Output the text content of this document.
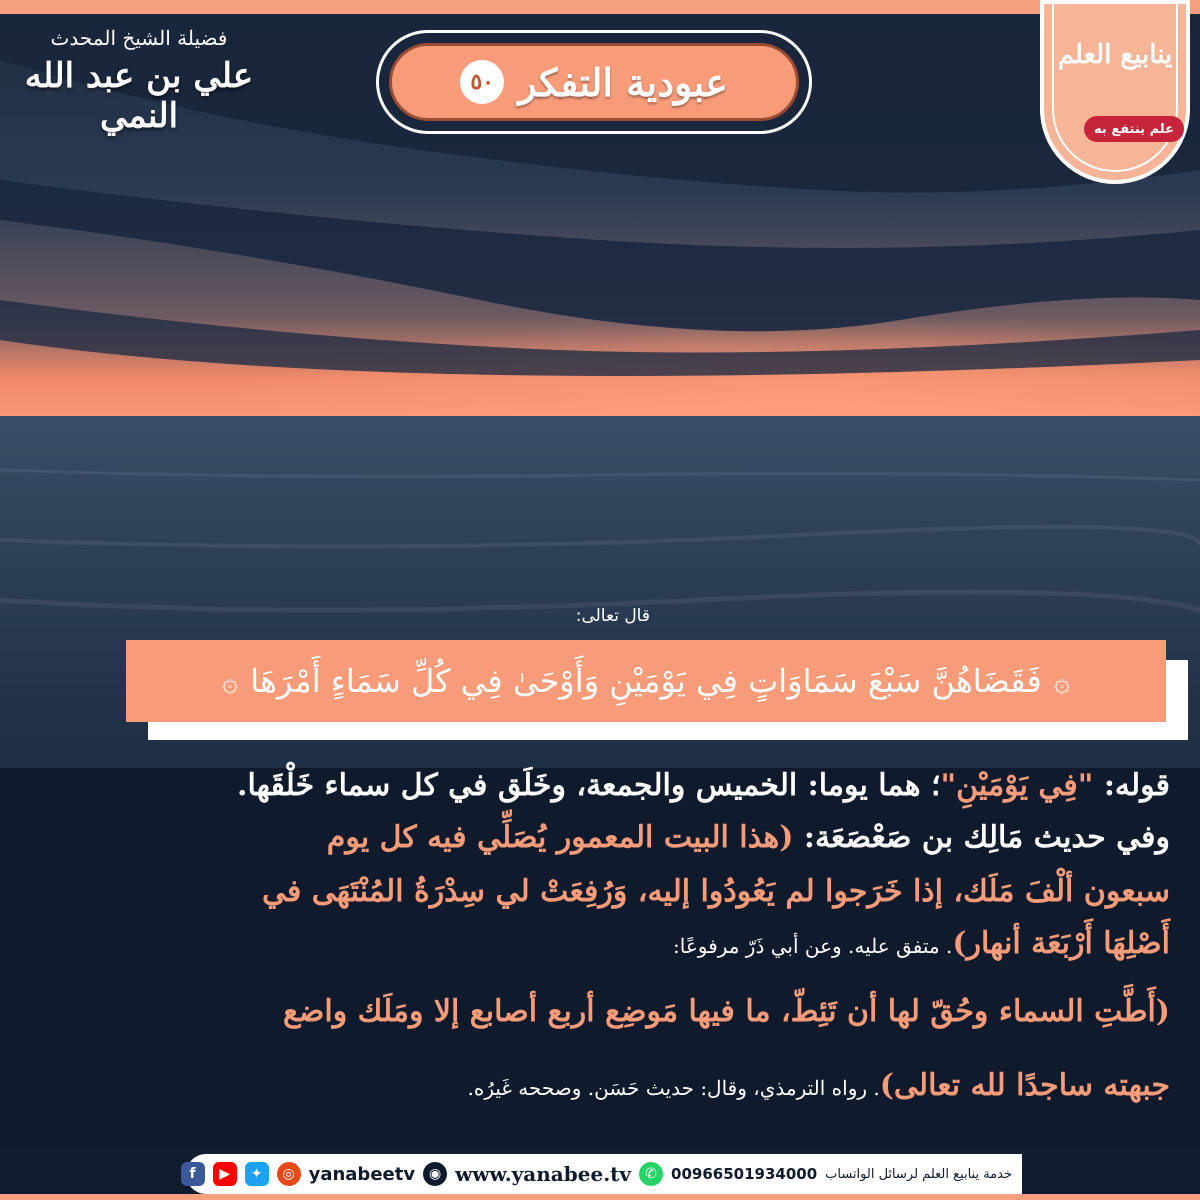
فضيلة الشيخ المحدث
علي بن عبد الله النمي
عبودية التفكر
٥٠
ينابيع العلم
علم ينتفع به
قال تعالى:
۞
فَقَضَاهُنَّ سَبْعَ سَمَاوَاتٍ فِي يَوْمَيْنِ وَأَوْحَىٰ فِي كُلِّ سَمَاءٍ أَمْرَهَا
۞
قوله: "فِي يَوْمَيْنِ"؛ هما يوما: الخميس والجمعة، وخَلَق في كل سماء خَلْقَها.
وفي حديث مَالِك بن صَعْصَعَة: (هذا البيت المعمور يُصَلِّي فيه كل يوم
سبعون ألْفَ مَلَك، إذا خَرَجوا لم يَعُودُوا إليه، وَرُفِعَتْ لي سِدْرَةُ المُنْتَهَى في
أَصْلِهَا أَرْبَعَة أنهار). متفق عليه. وعن أبي ذَرّ مرفوعًا:
(أَطَّتِ السماء وحُقّ لها أن تَئِطّ، ما فيها مَوضِع أربع أصابع إلا ومَلَك واضع
جبهته ساجدًا لله تعالى). رواه الترمذي، وقال: حديث حَسَن. وصححه غَيرُه.
خدمة ينابيع العلم لرسائل الواتساب
00966501934000
✆
www.yanabee.tv
◉
yanabeetv
◎
✦
▶
f
